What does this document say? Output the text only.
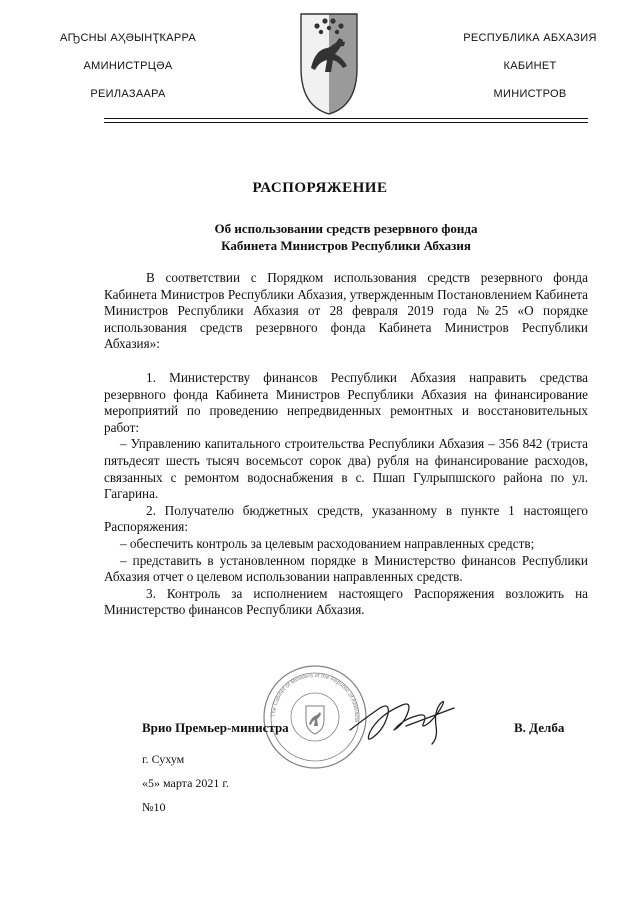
АҦСНЫ АҲӘЫНҬҞАРРА
АМИНИСТРЦӘА
РЕИЛАЗААРА
РЕСПУБЛИКА АБХАЗИЯ
КАБИНЕТ
МИНИСТРОВ
РАСПОРЯЖЕНИЕ
Об использовании средств резервного фонда
Кабинета Министров Республики Абхазия

В соответствии с Порядком использования средств резервного фонда Кабинета Министров Республики Абхазия, утвержденным Постановлением Кабинета Министров Республики Абхазия от 28 февраля 2019 года №25 «О порядке использования средств резервного фонда Кабинета Министров Республики Абхазия»:

1. Министерству финансов Республики Абхазия направить средства резервного фонда Кабинета Министров Республики Абхазия на финансирование мероприятий по проведению непредвиденных ремонтных и восстановительных работ:

– Управлению капитального строительства Республики Абхазия – 356 842 (триста пятьдесят шесть тысяч восемьсот сорок два) рубля на финансирование расходов, связанных с ремонтом водоснабжения в с. Пшап Гулрыпшского района по ул. Гагарина.

2. Получателю бюджетных средств, указанному в пункте 1 настоящего Распоряжения:

– обеспечить контроль за целевым расходованием направленных средств;

– представить в установленном порядке в Министерство финансов Республики Абхазия отчет о целевом использовании направленных средств.

3. Контроль за исполнением настоящего Распоряжения возложить на Министерство финансов Республики Абхазия.

The Cabinet of Ministers of the Republic of Abkhazia
Врио Премьер-министра	В. Делба
г. Сухум
«5» марта 2021 г.
№10
